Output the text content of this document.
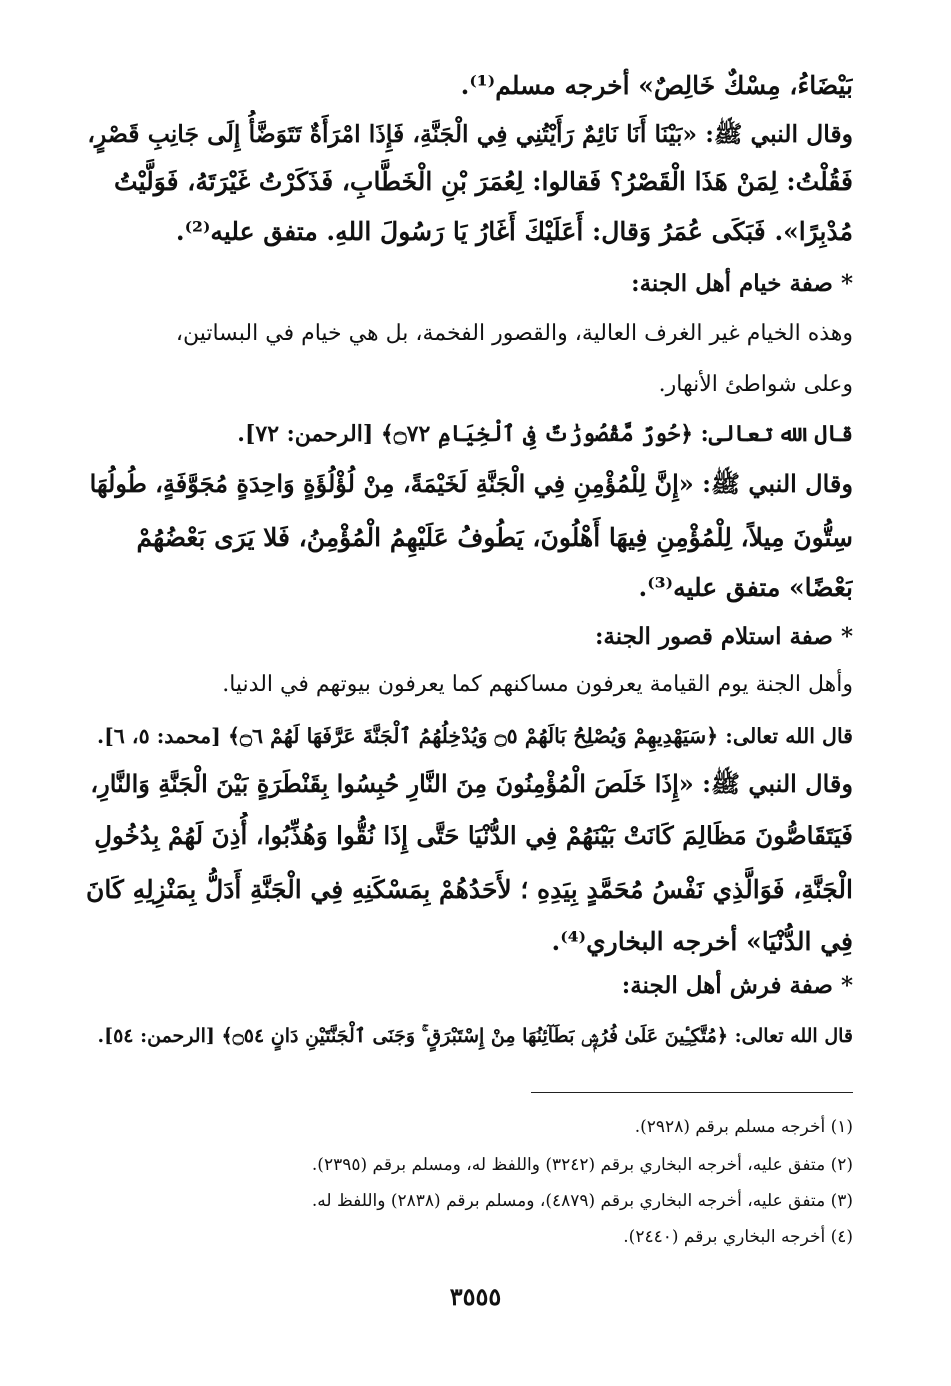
بَيْضَاءُ، مِسْكٌ خَالِصٌ» أخرجه مسلم⁽¹⁾.
وقال النبي ﷺ: «بَيْنَا أَنَا نَائِمٌ رَأَيْتُنِي فِي الْجَنَّةِ، فَإِذَا امْرَأَةٌ تَتَوَضَّأُ إِلَى جَانِبِ قَصْرٍ،
فَقُلْتُ: لِمَنْ هَذَا الْقَصْرُ؟ فَقالوا: لِعُمَرَ بْنِ الْخَطَّابِ، فَذَكَرْتُ غَيْرَتَهُ، فَوَلَّيْتُ
مُدْبِرًا». فَبَكَى عُمَرُ وَقال: أَعَلَيْكَ أَغَارُ يَا رَسُولَ اللهِ. متفق عليه⁽²⁾.
* صفة خيام أهل الجنة:
وهذه الخيام غير الغرف العالية، والقصور الفخمة، بل هي خيام في البساتين،
وعلى شواطئ الأنهار.
قال الله تعالى: ﴿حُورٌ مَّقْصُورَٰتٌ فِى ٱلْخِيَامِ ۝٧٢﴾ [الرحمن: ٧٢].
وقال النبي ﷺ: «إِنَّ لِلْمُؤْمِنِ فِي الْجَنَّةِ لَخَيْمَةً، مِنْ لُؤْلُؤَةٍ وَاحِدَةٍ مُجَوَّفَةٍ، طُولُهَا
سِتُّونَ مِيلاً، لِلْمُؤْمِنِ فِيهَا أَهْلُونَ، يَطُوفُ عَلَيْهِمُ الْمُؤْمِنُ، فَلا يَرَى بَعْضُهُمْ
بَعْضًا» متفق عليه⁽³⁾.
* صفة استلام قصور الجنة:
وأهل الجنة يوم القيامة يعرفون مساكنهم كما يعرفون بيوتهم في الدنيا.
قال الله تعالى: ﴿سَيَهْدِيهِمْ وَيُصْلِحُ بَالَهُمْ ۝٥ وَيُدْخِلُهُمُ ٱلْجَنَّةَ عَرَّفَهَا لَهُمْ ۝٦﴾ [محمد: ٥، ٦].
وقال النبي ﷺ: «إِذَا خَلَصَ الْمُؤْمِنُونَ مِنَ النَّارِ حُبِسُوا بِقَنْطَرَةٍ بَيْنَ الْجَنَّةِ وَالنَّارِ،
فَيَتَقَاصُّونَ مَظَالِمَ كَانَتْ بَيْنَهُمْ فِي الدُّنْيَا حَتَّى إِذَا نُقُّوا وَهُذِّبُوا، أُذِنَ لَهُمْ بِدُخُولِ
الْجَنَّةِ، فَوَالَّذِي نَفْسُ مُحَمَّدٍ بِيَدِهِ ؛ لأَحَدُهُمْ بِمَسْكَنِهِ فِي الْجَنَّةِ أَدَلُّ بِمَنْزِلِهِ كَانَ
فِي الدُّنْيَا» أخرجه البخاري⁽⁴⁾.
* صفة فرش أهل الجنة:
قال الله تعالى: ﴿مُتَّكِـِٔينَ عَلَىٰ فُرُشٍۭ بَطَآئِنُهَا مِنْ إِسْتَبْرَقٍ ۚ وَجَنَى ٱلْجَنَّتَيْنِ دَانٍ ۝٥٤﴾ [الرحمن: ٥٤].
(١) أخرجه مسلم برقم (٢٩٢٨).
(٢) متفق عليه، أخرجه البخاري برقم (٣٢٤٢) واللفظ له، ومسلم برقم (٢٣٩٥).
(٣) متفق عليه، أخرجه البخاري برقم (٤٨٧٩)، ومسلم برقم (٢٨٣٨) واللفظ له.
(٤) أخرجه البخاري برقم (٢٤٤٠).
٣٥٥٥
